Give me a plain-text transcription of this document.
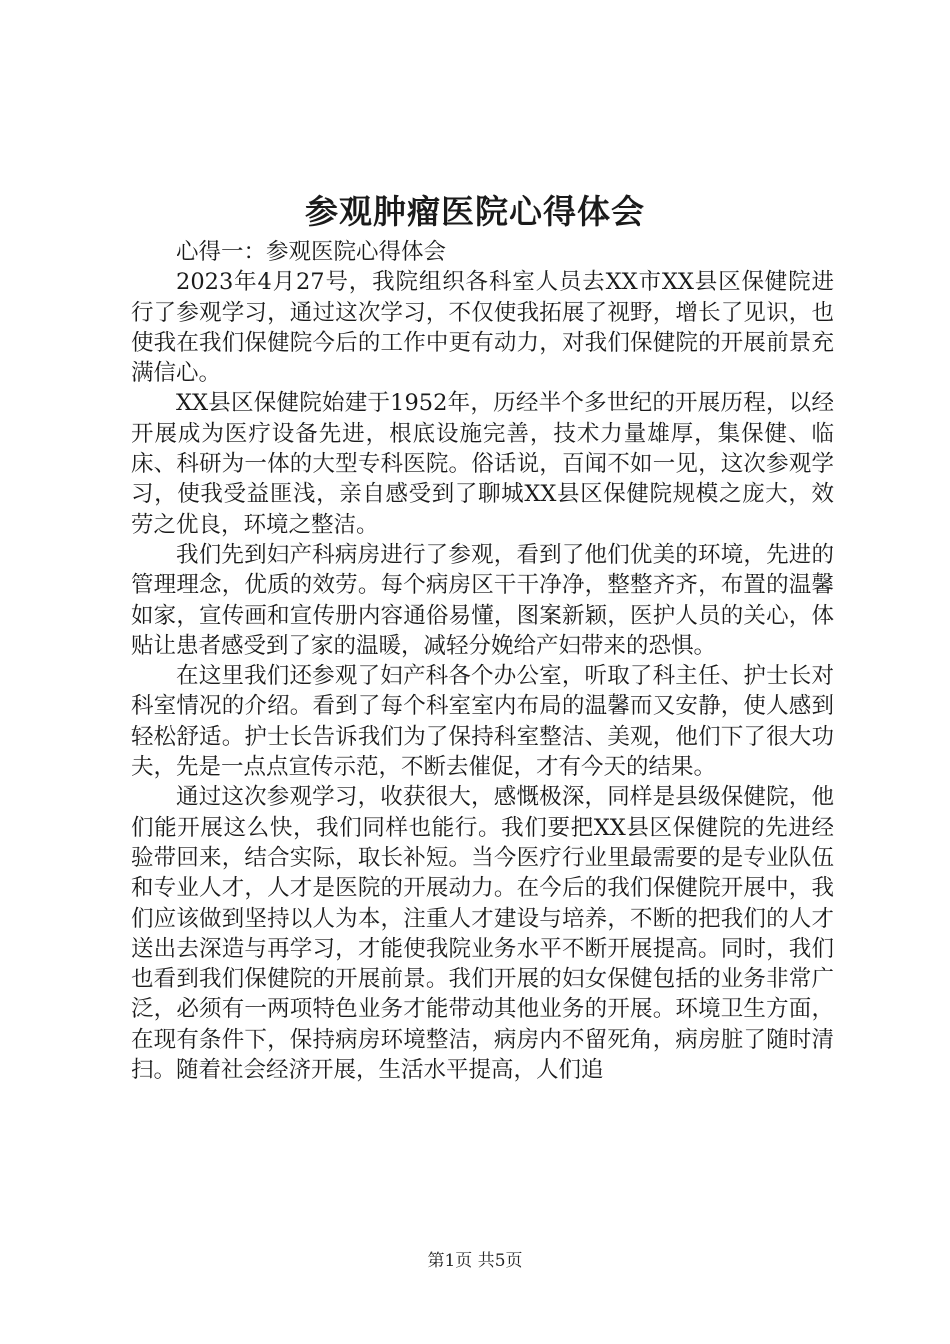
参观肿瘤医院心得体会

心得一：参观医院心得体会

2023年4月27号，我院组织各科室人员去XX市XX县区保健院进行了参观学习，通过这次学习，不仅使我拓展了视野，增长了见识，也使我在我们保健院今后的工作中更有动力，对我们保健院的开展前景充满信心。

XX县区保健院始建于1952年，历经半个多世纪的开展历程，以经开展成为医疗设备先进，根底设施完善，技术力量雄厚，集保健、临床、科研为一体的大型专科医院。俗话说，百闻不如一见，这次参观学习，使我受益匪浅，亲自感受到了聊城XX县区保健院规模之庞大，效劳之优良，环境之整洁。

我们先到妇产科病房进行了参观，看到了他们优美的环境，先进的管理理念，优质的效劳。每个病房区干干净净，整整齐齐，布置的温馨如家，宣传画和宣传册内容通俗易懂，图案新颖，医护人员的关心，体贴让患者感受到了家的温暖，减轻分娩给产妇带来的恐惧。

在这里我们还参观了妇产科各个办公室，听取了科主任、护士长对科室情况的介绍。看到了每个科室室内布局的温馨而又安静，使人感到轻松舒适。护士长告诉我们为了保持科室整洁、美观，他们下了很大功夫，先是一点点宣传示范，不断去催促，才有今天的结果。

通过这次参观学习，收获很大，感慨极深，同样是县级保健院，他们能开展这么快，我们同样也能行。我们要把XX县区保健院的先进经验带回来，结合实际，取长补短。当今医疗行业里最需要的是专业队伍和专业人才，人才是医院的开展动力。在今后的我们保健院开展中，我们应该做到坚持以人为本，注重人才建设与培养，不断的把我们的人才送出去深造与再学习，才能使我院业务水平不断开展提高。同时，我们也看到我们保健院的开展前景。我们开展的妇女保健包括的业务非常广泛，必须有一两项特色业务才能带动其他业务的开展。环境卫生方面，在现有条件下，保持病房环境整洁，病房内不留死角，病房脏了随时清扫。随着社会经济开展，生活水平提高，人们追

第1页 共5页
